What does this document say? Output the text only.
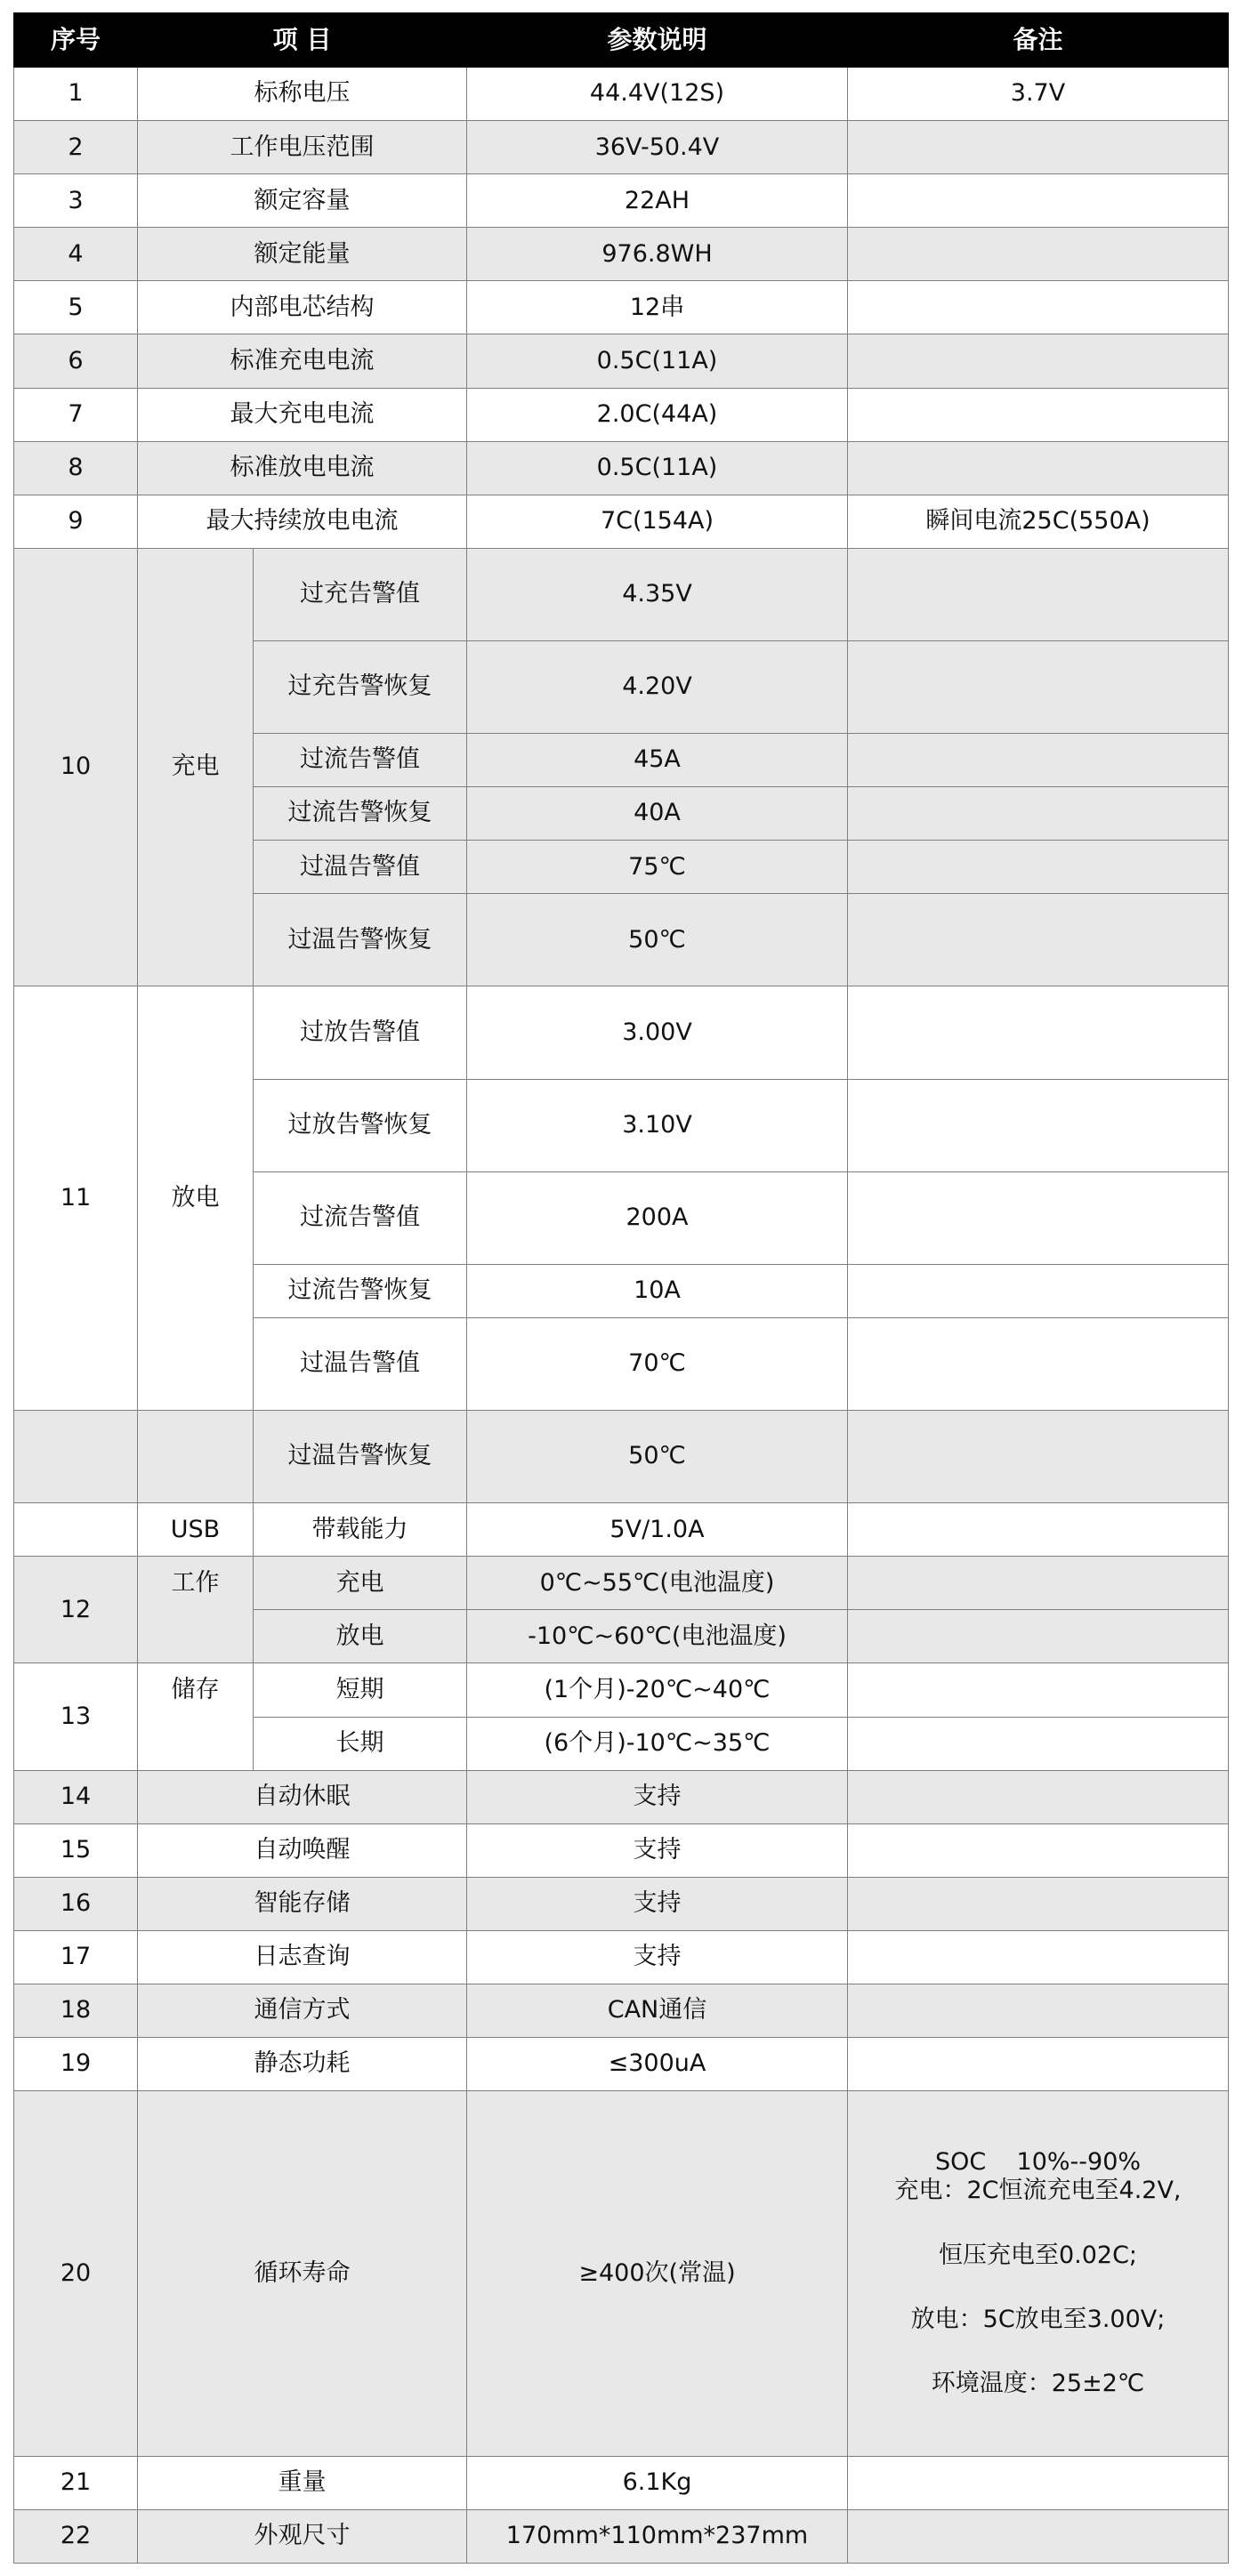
序号	项 目		参数说明	备注
1	标称电压		44.4V(12S)	3.7V
2	工作电压范围		36V-50.4V	
3	额定容量		22AH	
4	额定能量		976.8WH	
5	内部电芯结构		12串	
6	标准充电电流		0.5C(11A)	
7	最大充电电流		2.0C(44A)	
8	标准放电电流		0.5C(11A)	
9	最大持续放电电流		7C(154A)	瞬间电流25C(550A)
10	充电	过充告警值	4.35V	
		过充告警恢复	4.20V	
		过流告警值	45A	
		过流告警恢复	40A	
		过温告警值	75℃	
		过温告警恢复	50℃	
11	放电	过放告警值	3.00V	
		过放告警恢复	3.10V	
		过流告警值	200A	
		过流告警恢复	10A	
		过温告警值	70℃	
		过温告警恢复	50℃	
	USB	带载能力	5V/1.0A	
12	工作	充电	0℃~55℃(电池温度)	
		放电	-10℃~60℃(电池温度)	
13	储存	短期	(1个月)-20℃~40℃	
		长期	(6个月)-10℃~35℃	
14	自动休眠		支持	
15	自动唤醒		支持	
16	智能存储		支持	
17	日志查询		支持	
18	通信方式		CAN通信	
19	静态功耗		≤300uA	
20	循环寿命		≥400次(常温)	SOC    10%--90%
充电：2C恒流充电至4.2V,
恒压充电至0.02C;
放电：5C放电至3.00V;
环境温度：25±2℃

21	重量		6.1Kg	
22	外观尺寸		170mm*110mm*237mm	
